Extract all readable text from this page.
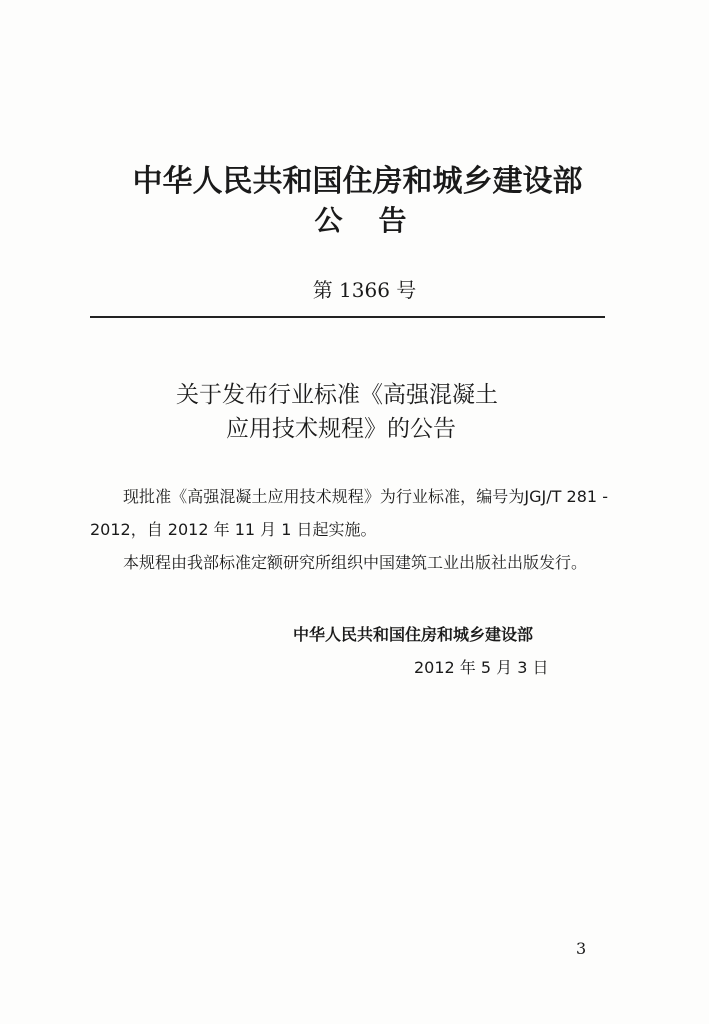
中华人民共和国住房和城乡建设部
公告
第 1366 号
关于发布行业标准《高强混凝土
应用技术规程》的公告

现批准《高强混凝土应用技术规程》为行业标准，编号为JGJ/T 281 - 2012，自 2012 年 11 月 1 日起实施。

本规程由我部标准定额研究所组织中国建筑工业出版社出版发行。

中华人民共和国住房和城乡建设部
2012 年 5 月 3 日
3
